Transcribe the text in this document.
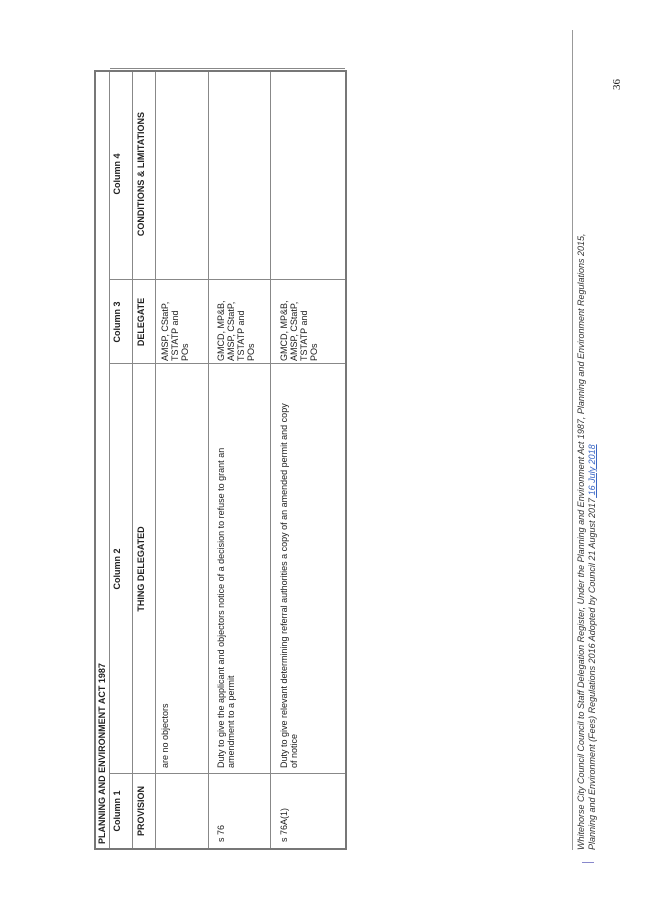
PLANNING AND ENVIRONMENT ACT 1987 Column 1
Column 2
Column 3
Column 4
PROVISION
THING DELEGATED
DELEGATE
CONDITIONS & LIMITATIONS
are no objectors
AMSP, CStatP, TSTATP and POs
s 76
Duty to give the applicant and objectors notice of a decision to refuse to grant an amendment to a permit
GMCD, MP&B, AMSP, CStatP, TSTATP and POs
s 76A(1)
Duty to give relevant determining referral authorities a copy of an amended permit and copy of notice
GMCD, MP&B, AMSP, CStatP, TSTATP and POs	Whitehorse City Council Council to Staff Delegation Register, Under the Planning and Environment Act 1987, Planning and Environment Regulations 2015, Planning and Environment (Fees) Regulations 2016 Adopted by Council 21 August 2017 16 July 2018
36
